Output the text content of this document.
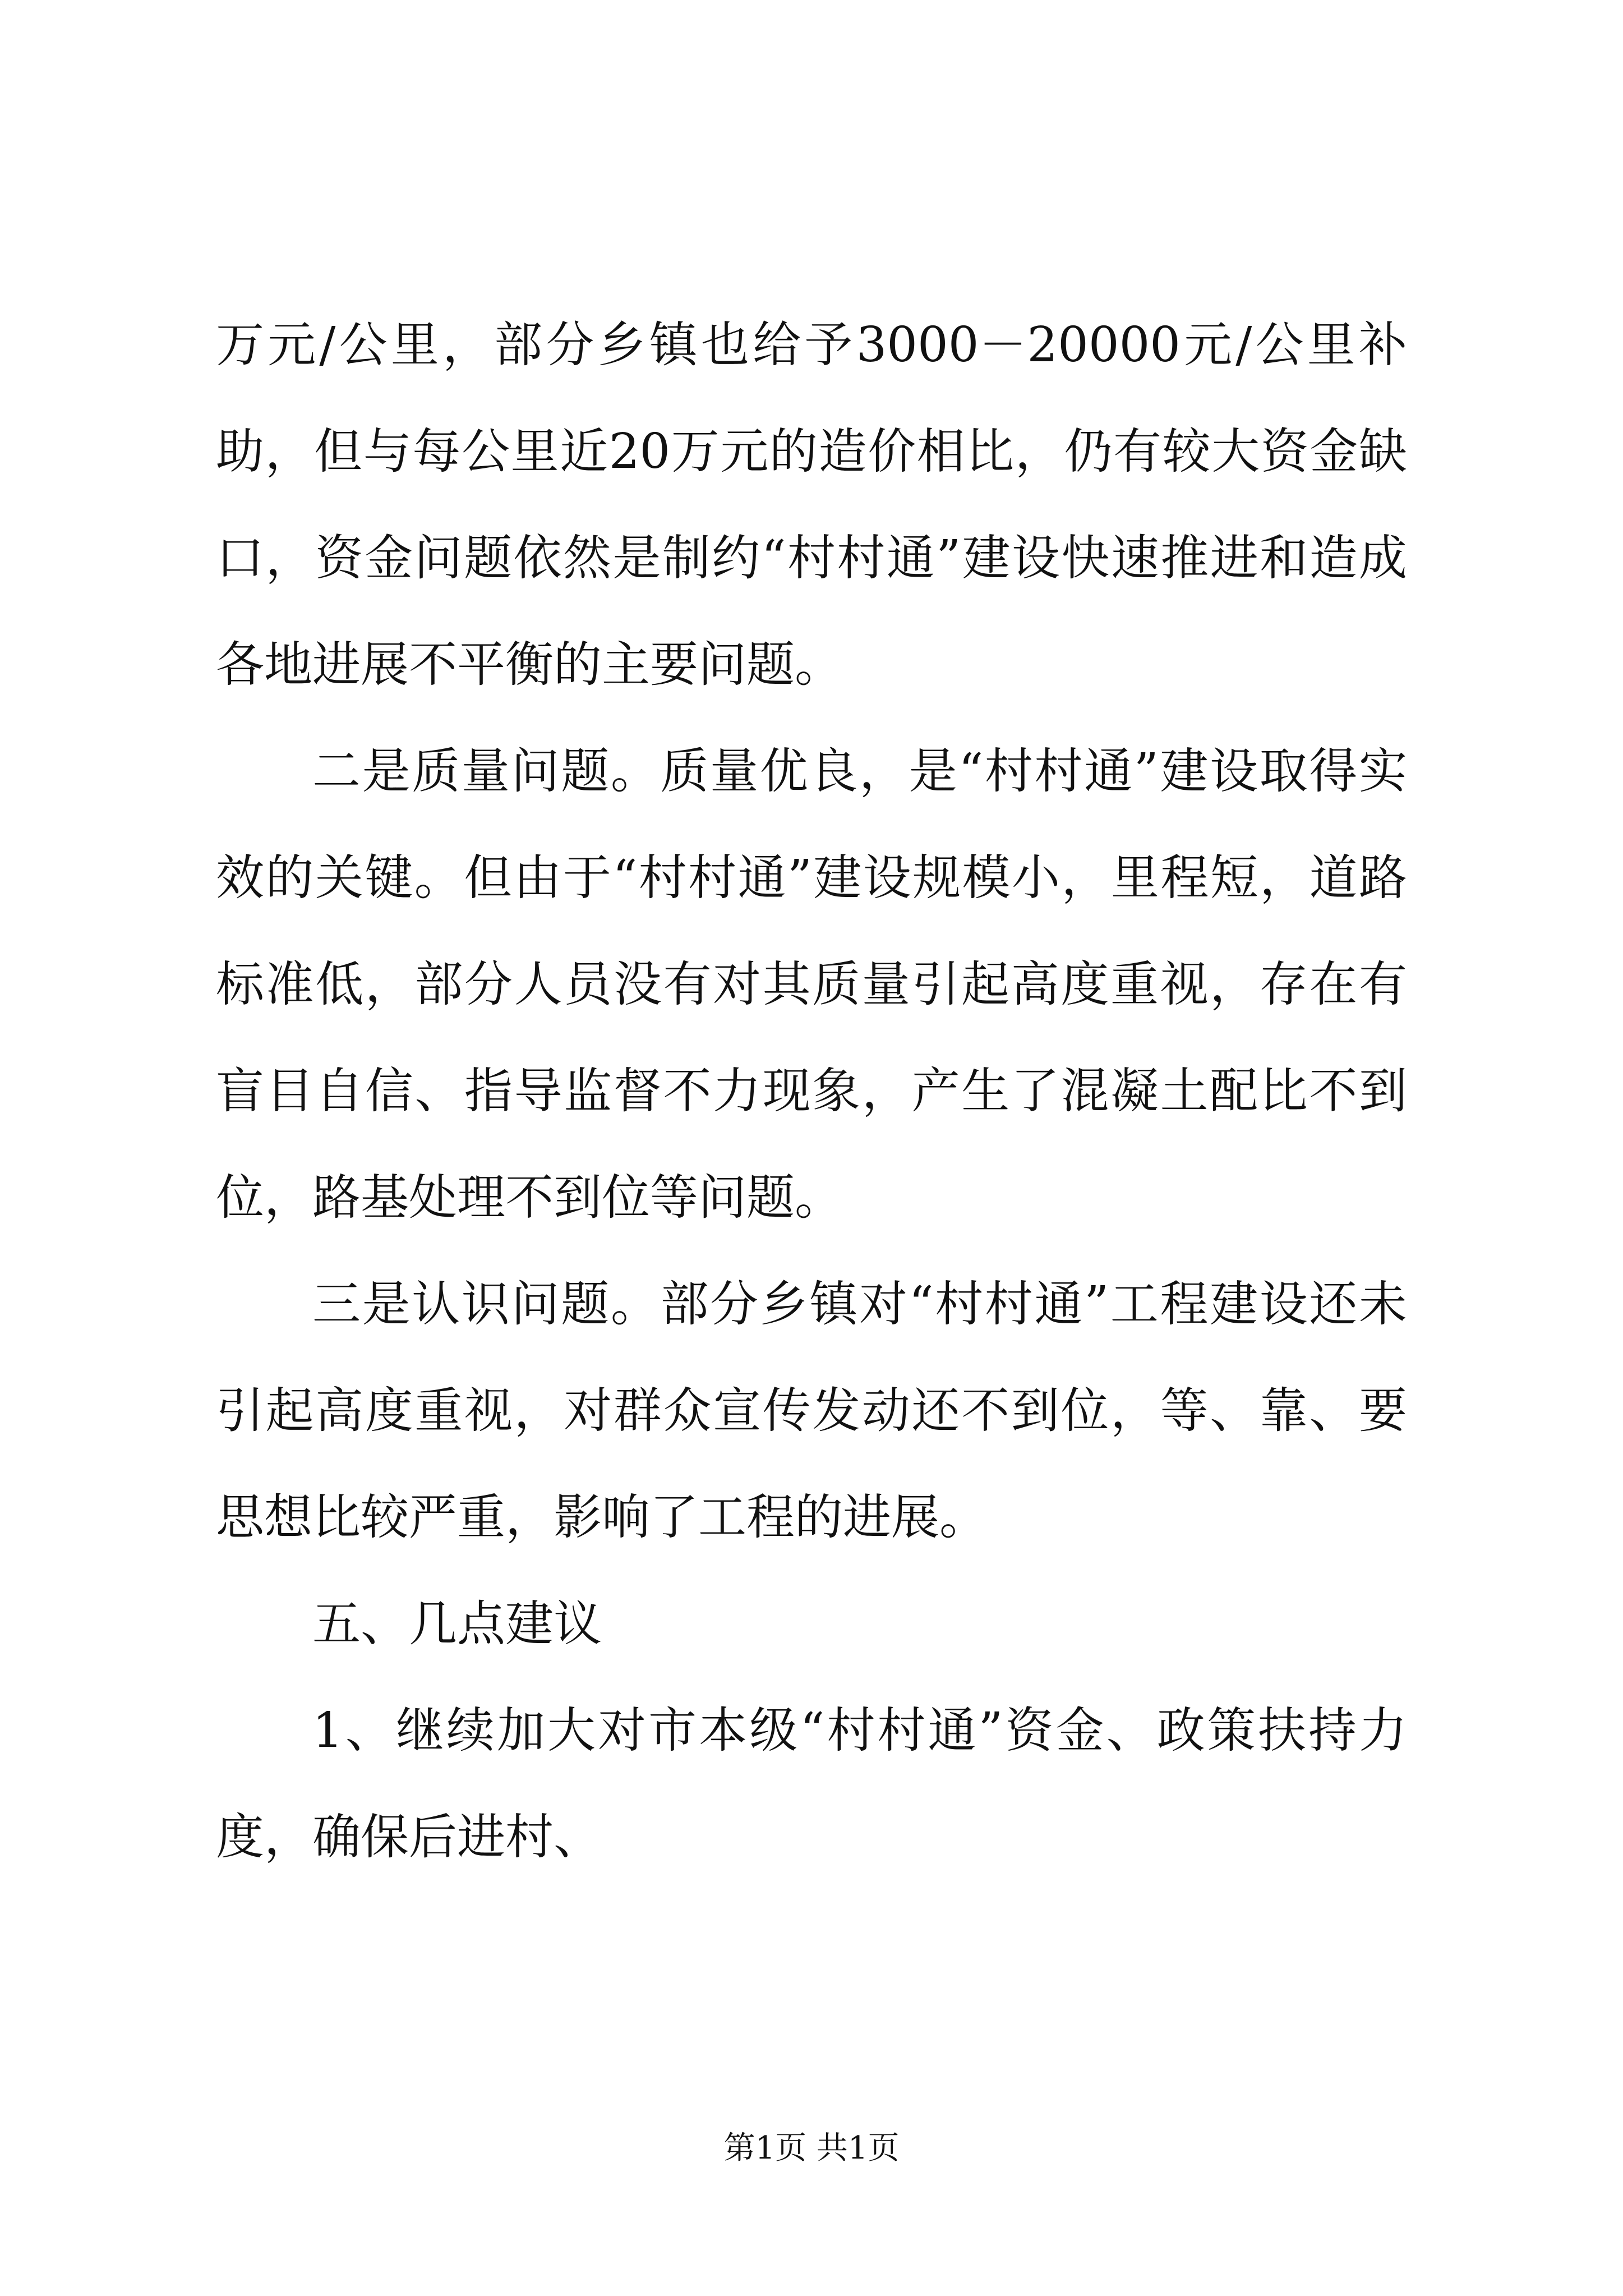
万元/公里，部分乡镇也给予3000－20000元/公里补助，但与每公里近20万元的造价相比，仍有较大资金缺口，资金问题依然是制约“村村通”建设快速推进和造成各地进展不平衡的主要问题。

二是质量问题。质量优良，是“村村通”建设取得实效的关键。但由于“村村通”建设规模小，里程短，道路标准低，部分人员没有对其质量引起高度重视，存在有盲目自信、指导监督不力现象，产生了混凝土配比不到位，路基处理不到位等问题。

三是认识问题。部分乡镇对“村村通”工程建设还未引起高度重视，对群众宣传发动还不到位，等、靠、要思想比较严重，影响了工程的进展。

五、几点建议

1、继续加大对市本级“村村通”资金、政策扶持力度，确保后进村、

第1页 共1页
